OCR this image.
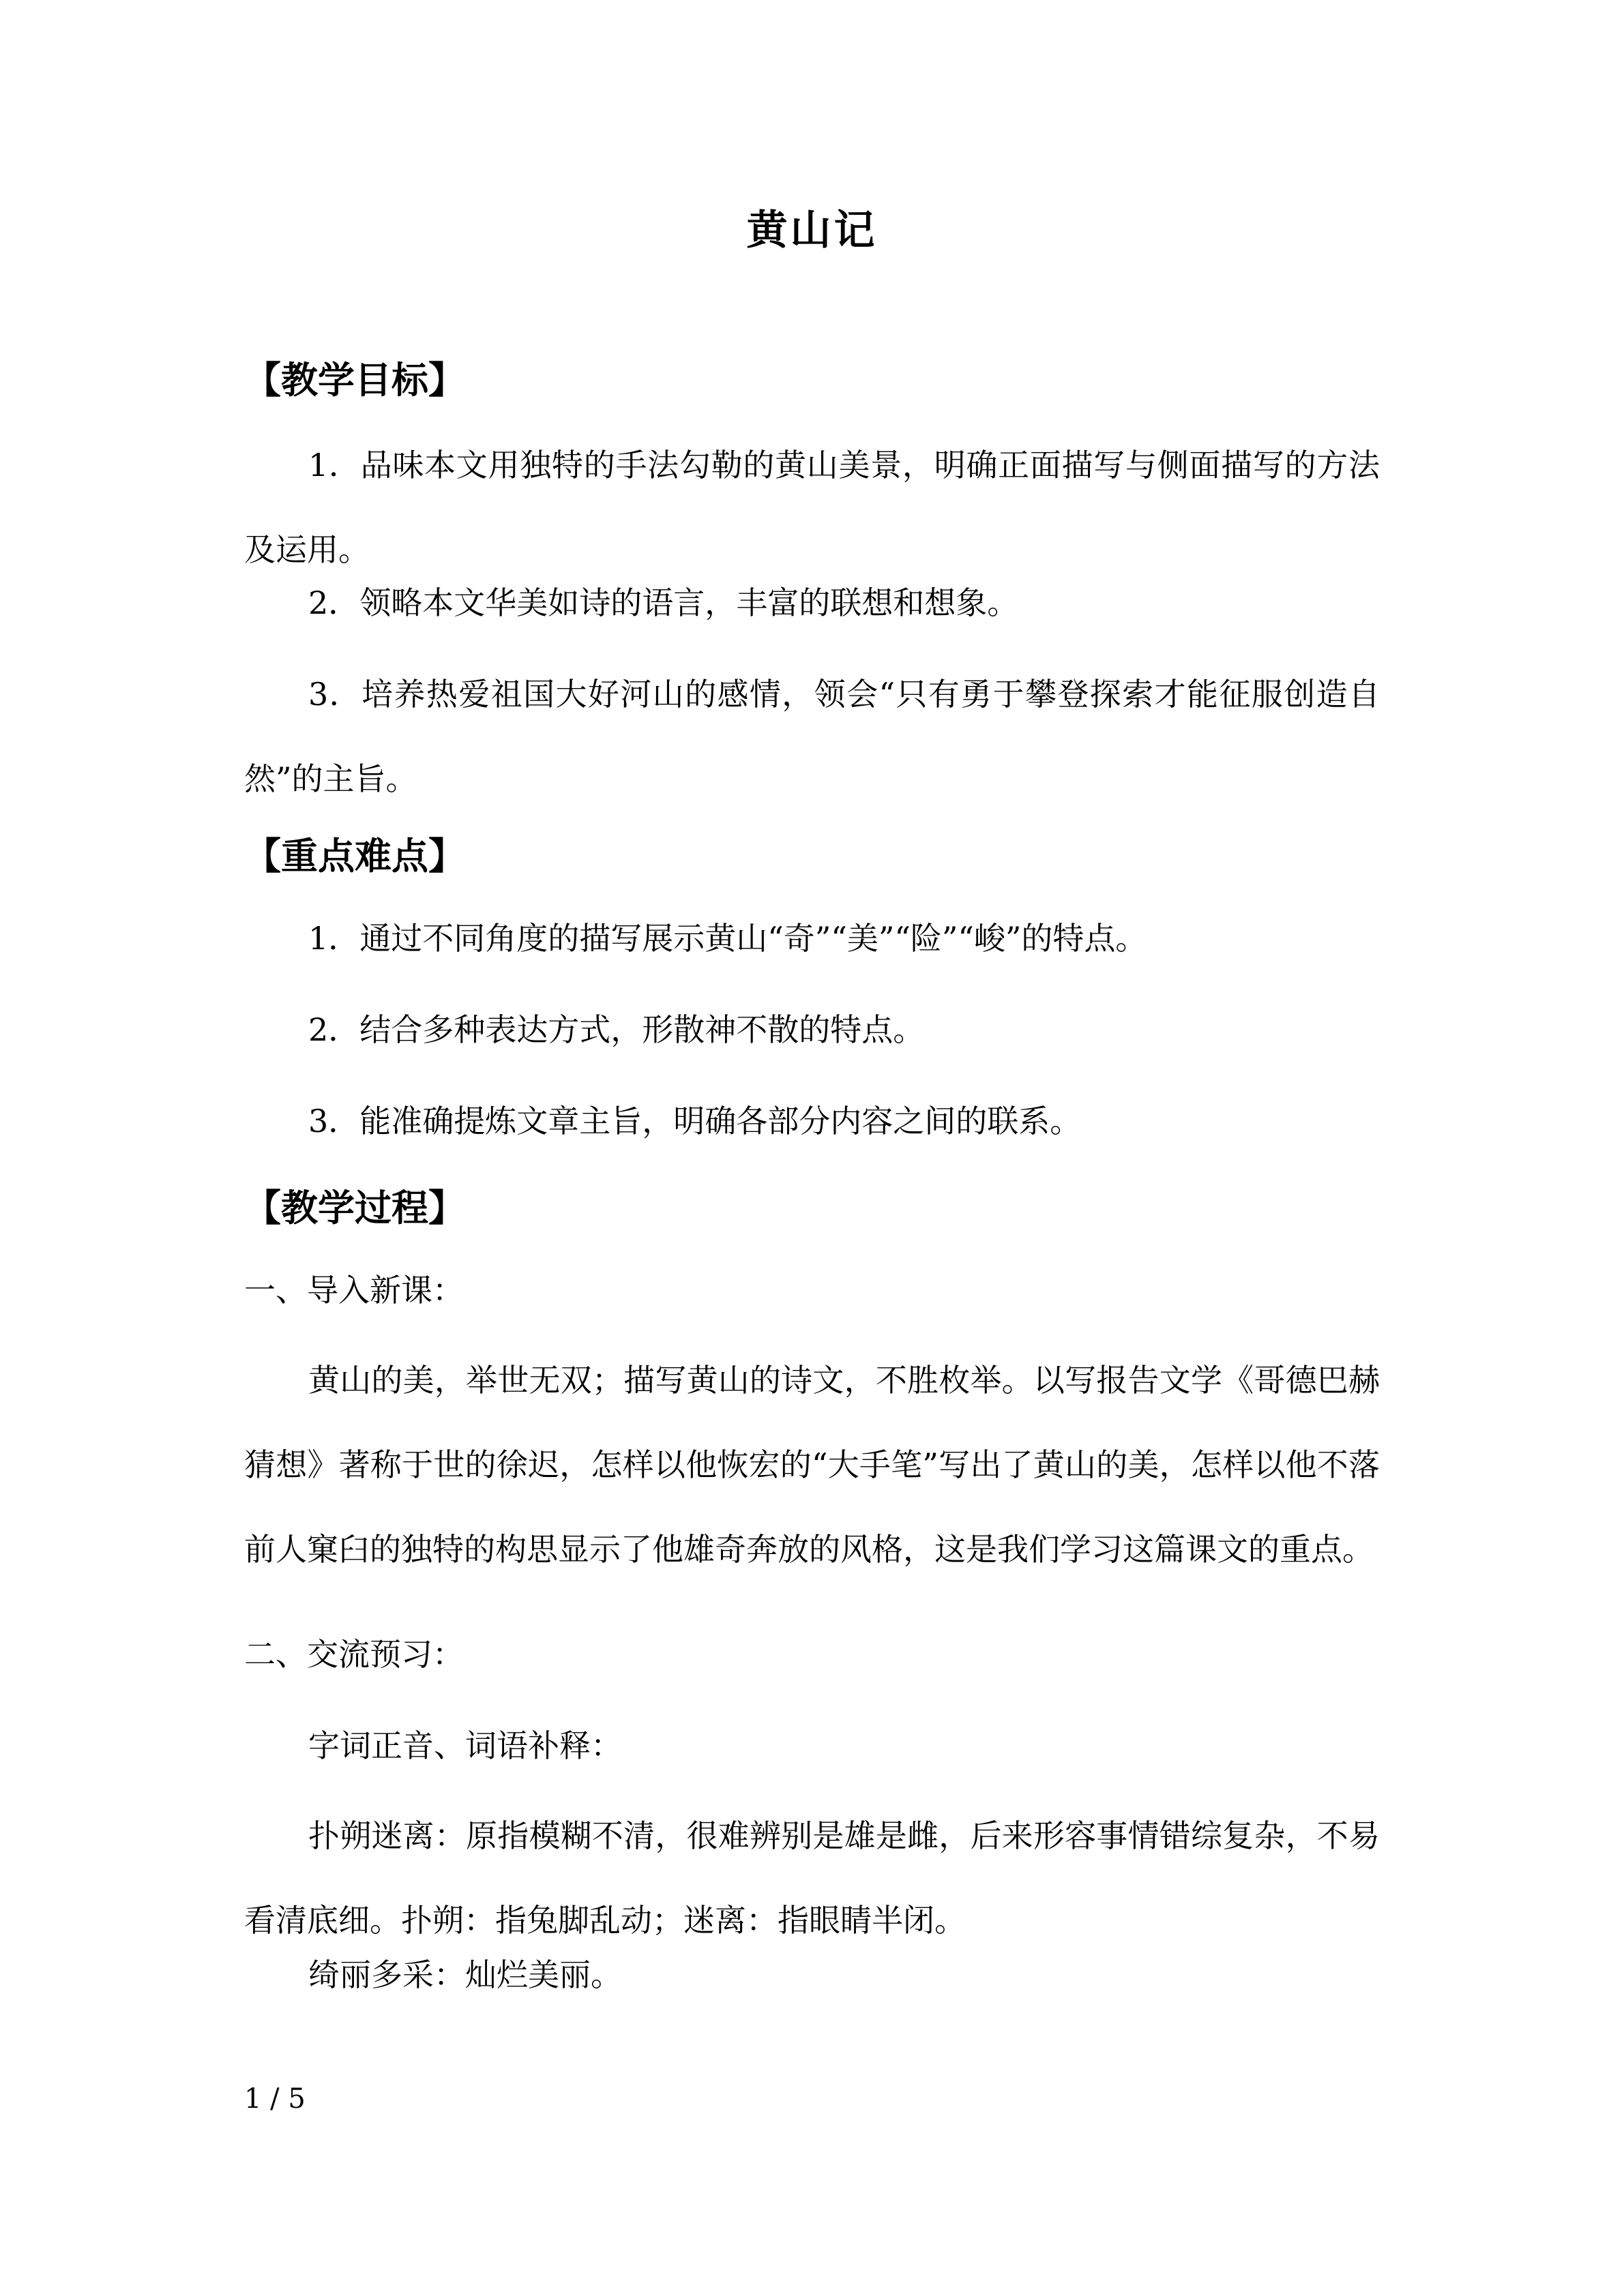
黄山记
【教学目标】

1．品味本文用独特的手法勾勒的黄山美景，明确正面描写与侧面描写的方法及运用。

2．领略本文华美如诗的语言，丰富的联想和想象。

3．培养热爱祖国大好河山的感情，领会“只有勇于攀登探索才能征服创造自然”的主旨。

【重点难点】

1．通过不同角度的描写展示黄山“奇”“美”“险”“峻”的特点。

2．结合多种表达方式，形散神不散的特点。

3．能准确提炼文章主旨，明确各部分内容之间的联系。

【教学过程】

一、导入新课：

黄山的美，举世无双；描写黄山的诗文，不胜枚举。以写报告文学《哥德巴赫猜想》著称于世的徐迟，怎样以他恢宏的“大手笔”写出了黄山的美，怎样以他不落前人窠臼的独特的构思显示了他雄奇奔放的风格，这是我们学习这篇课文的重点。

二、交流预习：

字词正音、词语补释：

扑朔迷离：原指模糊不清，很难辨别是雄是雌，后来形容事情错综复杂，不易看清底细。扑朔：指兔脚乱动；迷离：指眼睛半闭。

绮丽多采：灿烂美丽。

1 / 5
